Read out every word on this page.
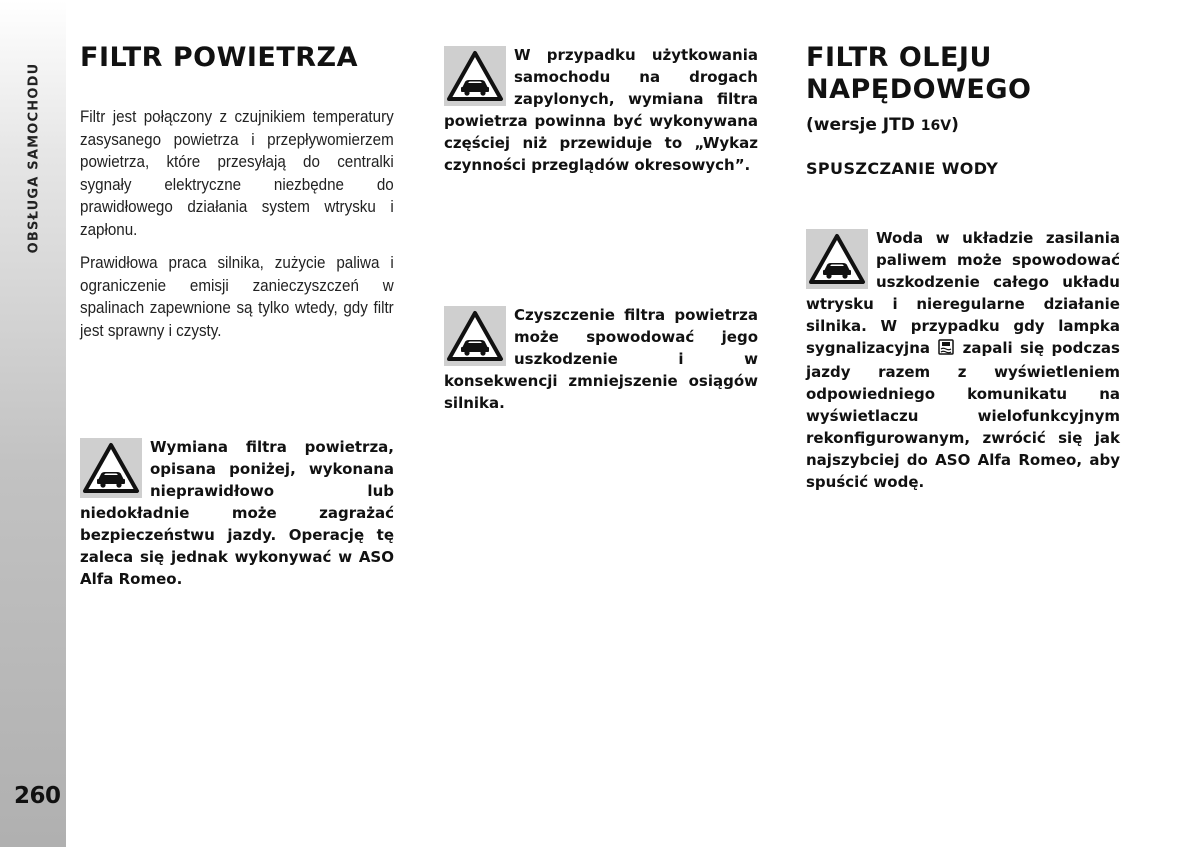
OBSŁUGA SAMOCHODU
260
FILTR POWIETRZA

Filtr jest połączony z czujnikiem temperatury zasysanego powietrza i przepływomierzem powietrza, które przesyłają do centralki sygnały elektryczne niezbędne do prawidłowego działania system wtrysku i zapłonu.

Prawidłowa praca silnika, zużycie paliwa i ograniczenie emisji zanieczyszczeń w spalinach zapewnione są tylko wtedy, gdy filtr jest sprawny i czysty.

Wymiana filtra powietrza, opisana poniżej, wykonana nieprawidłowo lub niedokładnie może zagrażać bezpieczeństwu jazdy. Operację tę zaleca się jednak wykonywać w ASO Alfa Romeo.
W przypadku użytkowania samochodu na drogach zapylonych, wymiana filtra powietrza powinna być wykonywana częściej niż przewiduje to „Wykaz czynności przeglądów okresowych”.
Czyszczenie filtra powietrza może spowodować jego uszkodzenie i w konsekwencji zmniejszenie osiągów silnika.
FILTR OLEJU
NAPĘDOWEGO
(wersje JTD 16V)
SPUSZCZANIE WODY
Woda w układzie zasilania paliwem może spowodować uszkodzenie całego układu wtrysku i nieregularne działanie silnika. W przypadku gdy lampka sygnalizacyjna zapali się podczas jazdy razem z wyświetleniem odpowiedniego komunikatu na wyświetlaczu wielofunkcyjnym rekonfigurowanym, zwrócić się jak najszybciej do ASO Alfa Romeo, aby spuścić wodę.
